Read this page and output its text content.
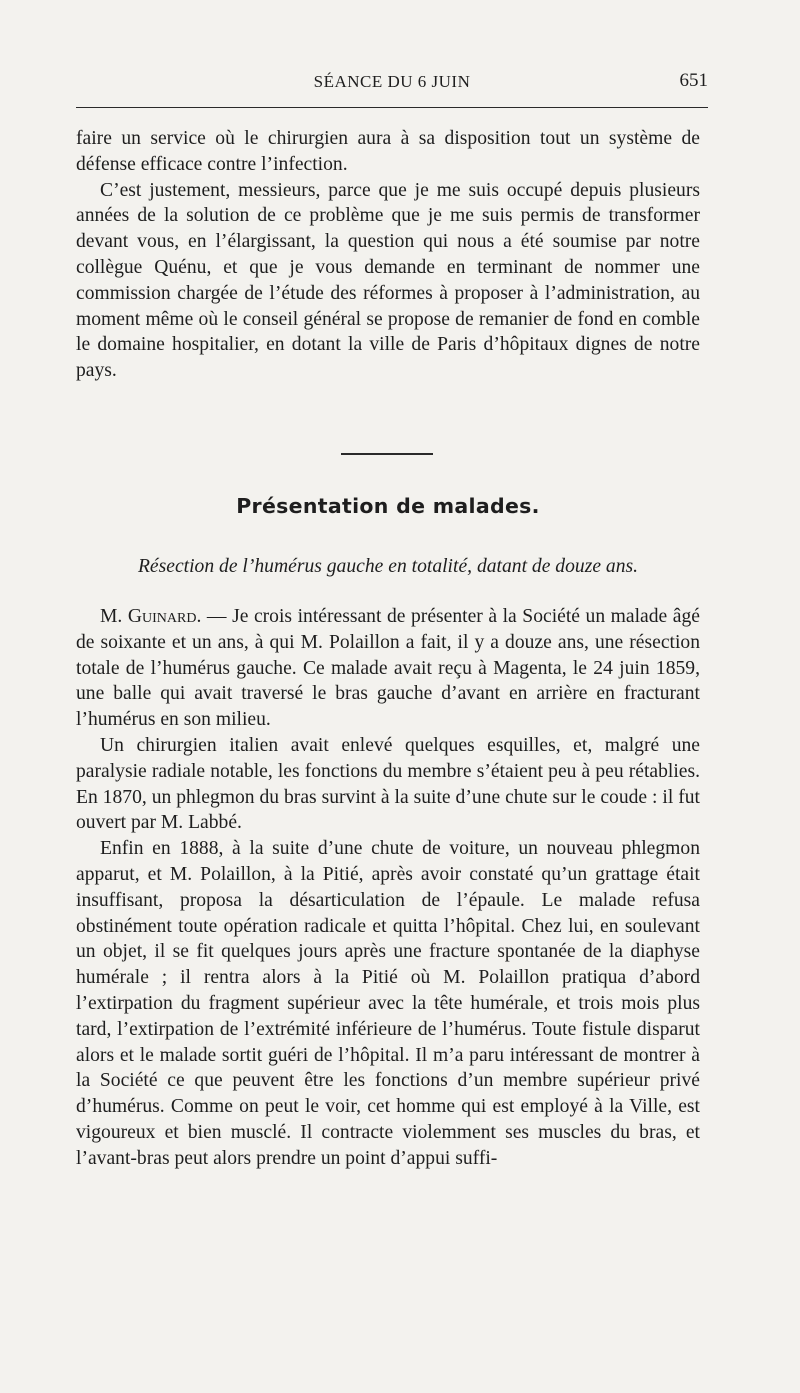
SÉANCE DU 6 JUIN	651

faire un service où le chirurgien aura à sa disposition tout un système de défense efficace contre l’infection.

C’est justement, messieurs, parce que je me suis occupé depuis plusieurs années de la solution de ce problème que je me suis permis de transformer devant vous, en l’élargissant, la question qui nous a été soumise par notre collègue Quénu, et que je vous demande en terminant de nommer une commission chargée de l’étude des réformes à proposer à l’administration, au moment même où le conseil général se propose de remanier de fond en comble le domaine hospitalier, en dotant la ville de Paris d’hôpitaux dignes de notre pays.

Présentation de malades.
Résection de l’humérus gauche en totalité, datant de douze ans.

M. Guinard. — Je crois intéressant de présenter à la Société un malade âgé de soixante et un ans, à qui M. Polaillon a fait, il y a douze ans, une résection totale de l’humérus gauche. Ce malade avait reçu à Magenta, le 24 juin 1859, une balle qui avait traversé le bras gauche d’avant en arrière en fracturant l’humérus en son milieu.

Un chirurgien italien avait enlevé quelques esquilles, et, malgré une paralysie radiale notable, les fonctions du membre s’étaient peu à peu rétablies. En 1870, un phlegmon du bras survint à la suite d’une chute sur le coude : il fut ouvert par M. Labbé.

Enfin en 1888, à la suite d’une chute de voiture, un nouveau phlegmon apparut, et M. Polaillon, à la Pitié, après avoir constaté qu’un grattage était insuffisant, proposa la désarticulation de l’épaule. Le malade refusa obstinément toute opération radicale et quitta l’hôpital. Chez lui, en soulevant un objet, il se fit quelques jours après une fracture spontanée de la diaphyse humérale ; il rentra alors à la Pitié où M. Polaillon pratiqua d’abord l’extirpation du fragment supérieur avec la tête humérale, et trois mois plus tard, l’extirpation de l’extrémité inférieure de l’humérus. Toute fistule disparut alors et le malade sortit guéri de l’hôpital. Il m’a paru intéressant de montrer à la Société ce que peuvent être les fonctions d’un membre supérieur privé d’humérus. Comme on peut le voir, cet homme qui est employé à la Ville, est vigoureux et bien musclé. Il contracte violemment ses muscles du bras, et l’avant-bras peut alors prendre un point d’appui suffi-
